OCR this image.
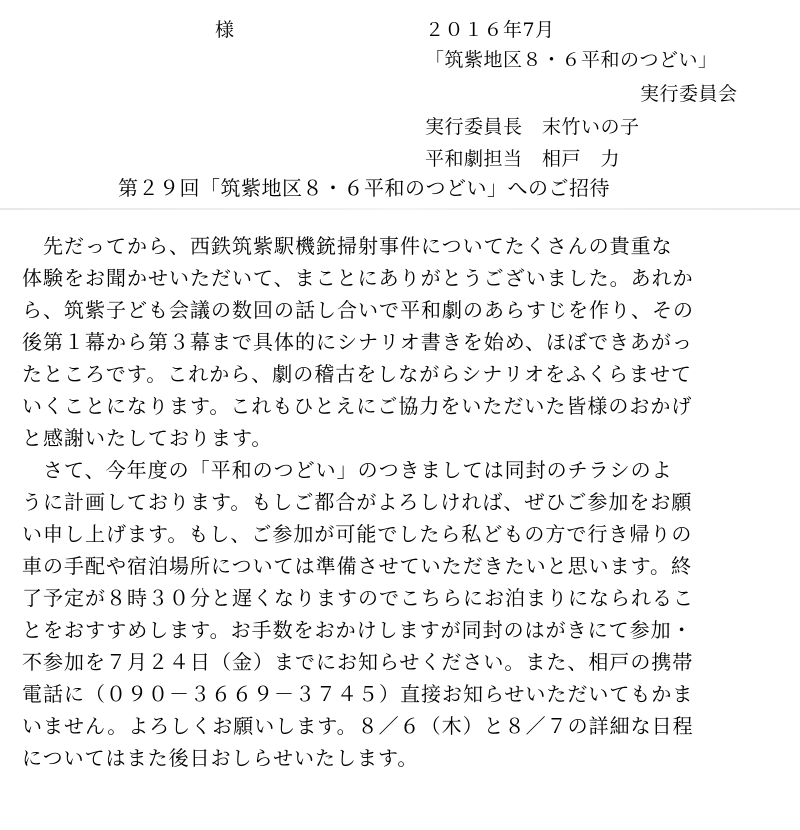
様	２０１６年7月
「筑紫地区８・６平和のつどい」
実行委員会
実行委員長　末竹いの子
平和劇担当　相戸　力
第２９回「筑紫地区８・６平和のつどい」へのご招待
　先だってから、西鉄筑紫駅機銃掃射事件についてたくさんの貴重な
体験をお聞かせいただいて、まことにありがとうございました。あれか
ら、筑紫子ども会議の数回の話し合いで平和劇のあらすじを作り、その
後第１幕から第３幕まで具体的にシナリオ書きを始め、ほぼできあがっ
たところです。これから、劇の稽古をしながらシナリオをふくらませて
いくことになります。これもひとえにご協力をいただいた皆様のおかげ
と感謝いたしております。
　さて、今年度の「平和のつどい」のつきましては同封のチラシのよ
うに計画しております。もしご都合がよろしければ、ぜひご参加をお願
い申し上げます。もし、ご参加が可能でしたら私どもの方で行き帰りの
車の手配や宿泊場所については準備させていただきたいと思います。終
了予定が８時３０分と遅くなりますのでこちらにお泊まりになられるこ
とをおすすめします。お手数をおかけしますが同封のはがきにて参加・
不参加を７月２４日（金）までにお知らせください。また、相戸の携帯
電話に（０９０－３６６９－３７４５）直接お知らせいただいてもかま
いません。よろしくお願いします。８／６（木）と８／７の詳細な日程
についてはまた後日おしらせいたします。
